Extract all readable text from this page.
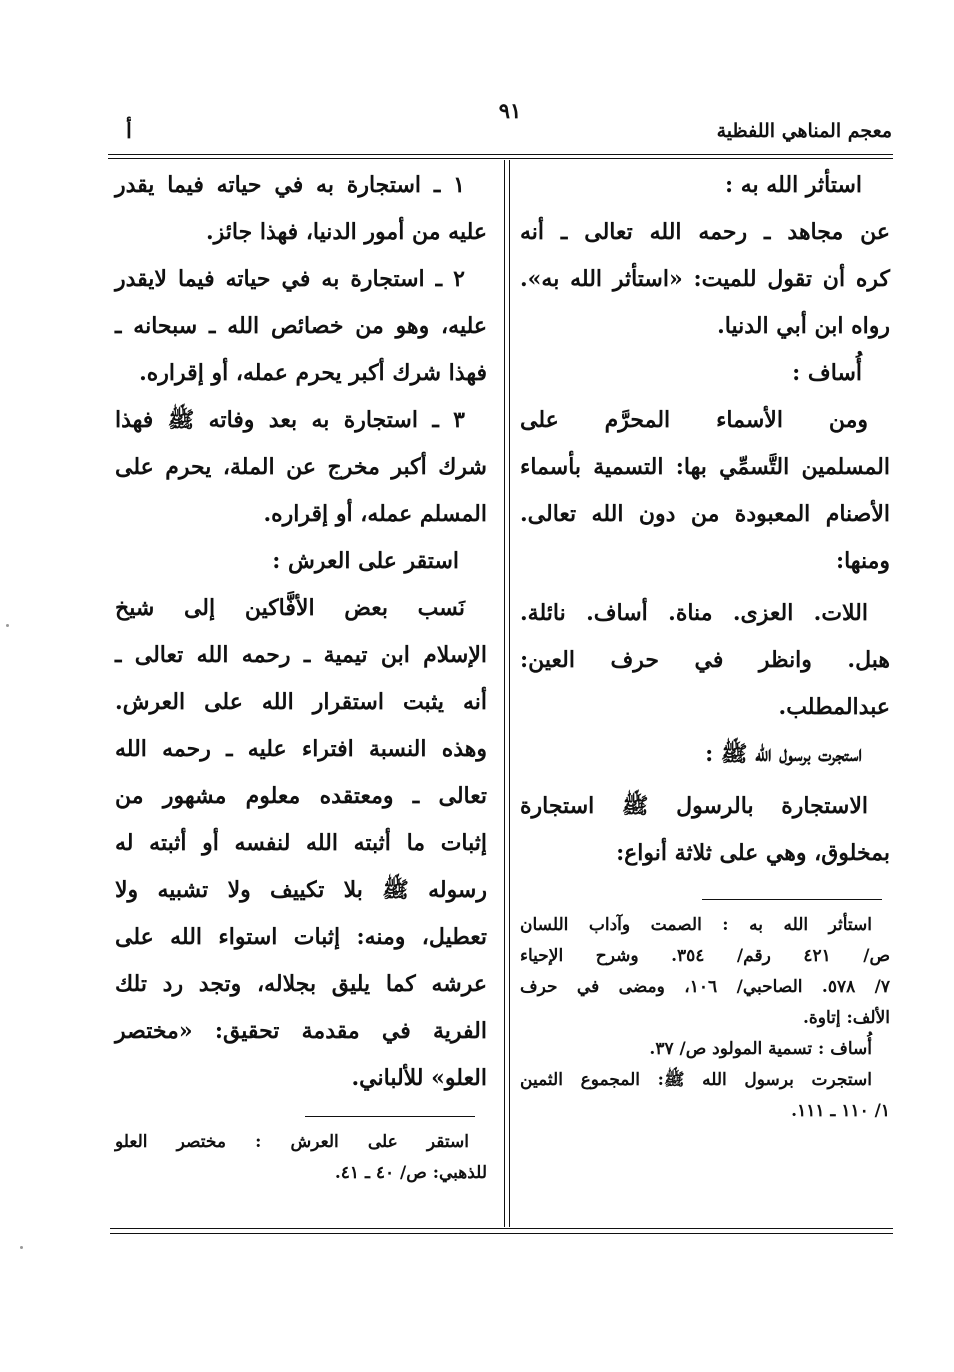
معجم المناهي اللفظية
٩١
أ
استأثر الله به :
عن مجاهد ـ رحمه الله تعالى ـ أنه
كره أن تقول للميت: «استأثر الله به».
رواه ابن أبي الدنيا.
أُساف :
ومن الأسماء المحرَّم على
المسلمين التَّسمِّي بها: التسمية بأسماء
الأصنام المعبودة من دون الله تعالى.
ومنها:
اللات. العزى. مناة. أساف. نائلة.
هبل. وانظر في حرف العين:
عبدالمطلب.
استجرت برسول الله ﷺ :
الاستجارة بالرسول ﷺ استجارة
بمخلوق، وهي على ثلاثة أنواع:
استأثر الله به : الصمت وآداب اللسان
ص/ ٤٢١ رقم/ ٣٥٤. وشرح الإحياء
٧/ ٥٧٨. الصاحبي/ ١٠٦، ومضى في حرف
الألف: إتاوة.
أُساف : تسمية المولود ص/ ٣٧.
استجرت برسول الله ﷺ: المجموع الثمين
١/ ١١٠ ـ ١١١.
١ ـ استجارة به في حياته فيما يقدر
عليه من أمور الدنيا، فهذا جائز.
٢ ـ استجارة به في حياته فيما لايقدر
عليه، وهو من خصائص الله ـ سبحانه ـ
فهذا شرك أكبر يحرم عمله، أو إقراره.
٣ ـ استجارة به بعد وفاته ﷺ فهذا
شرك أكبر مخرج عن الملة، يحرم على
المسلم عمله، أو إقراره.
استقر على العرش :
نَسب بعض الأفَّاكين إلى شيخ
الإسلام ابن تيمية ـ رحمه الله تعالى ـ
أنه يثبت استقرار الله على العرش.
وهذه النسبة افتراء عليه ـ رحمه الله
تعالى ـ ومعتقده معلوم مشهور من
إثبات ما أثبته الله لنفسه أو أثبته له
رسوله ﷺ بلا تكييف ولا تشبيه ولا
تعطيل، ومنه: إثبات استواء الله على
عرشه كما يليق بجلاله، وتجد رد تلك
الفرية في مقدمة تحقيق: «مختصر
العلو» للألباني.
استقر على العرش : مختصر العلو
للذهبي: ص/ ٤٠ ـ ٤١.
